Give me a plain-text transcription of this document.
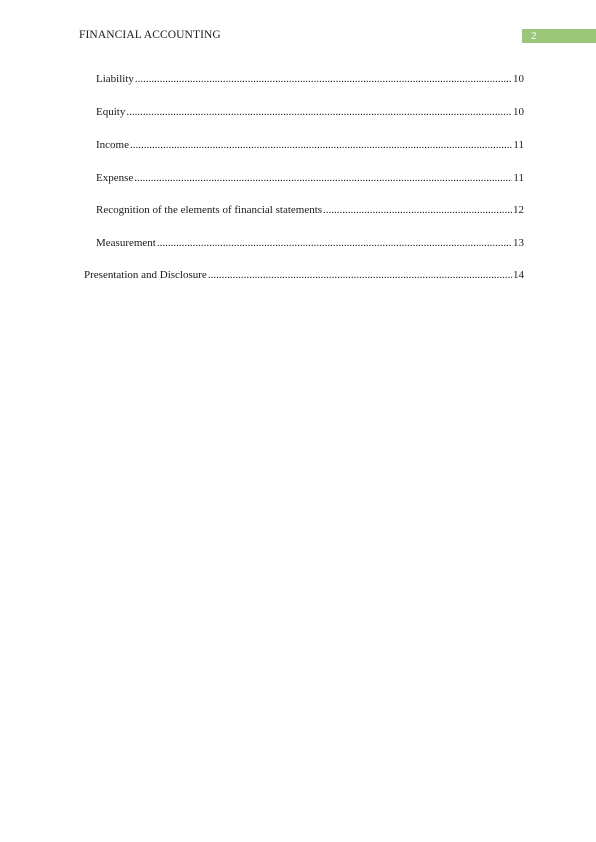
FINANCIAL ACCOUNTING	2
Liability .....	10
Equity .....	10
Income .....	11
Expense .....	11
Recognition of the elements of financial statements .....	12
Measurement .....	13
Presentation and Disclosure .....	14
